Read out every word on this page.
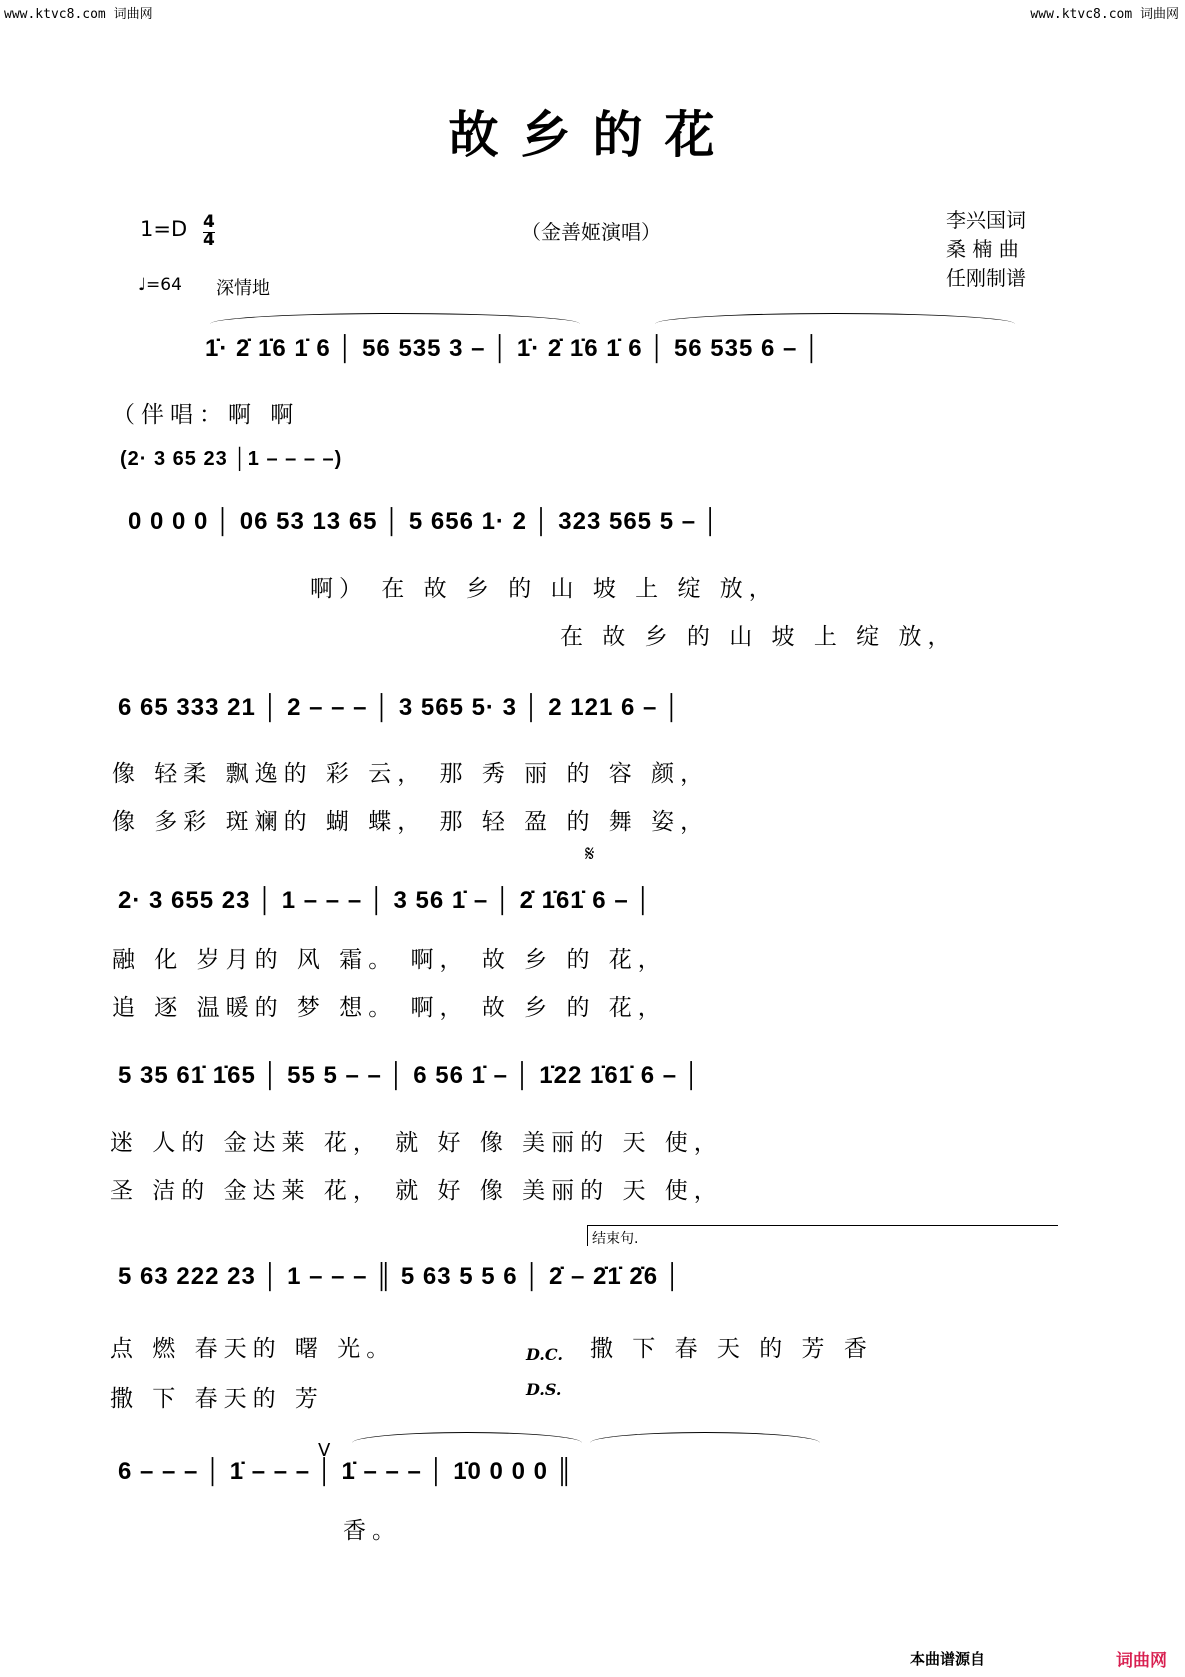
www.ktvc8.com 词曲网	www.ktvc8.com 词曲网
故乡的花
1=D 4
4
♩=64 深情地
（金善姬演唱）	李兴国词
桑 楠 曲
任刚制谱
1̇· 2̇ 1̇6 1̇ 6 │ 56 535 3 – │ 1̇· 2̇ 1̇6 1̇ 6 │ 56 535 6 – │
（伴唱：啊 啊
(2· 3 65 23 │1 – – – –)
0 0 0 0 │ 06 53 13 65 │ 5 656 1· 2 │ 323 565 5 – │
啊） 在 故 乡 的 山 坡 上 绽 放，
在 故 乡 的 山 坡 上 绽 放，
6 65 333 21 │ 2 – – – │ 3 565 5· 3 │ 2 121 6 – │
像 轻柔 飘逸的 彩 云， 那 秀 丽 的 容 颜，
像 多彩 斑斓的 蝴 蝶， 那 轻 盈 的 舞 姿，
𝄋
2· 3 655 23 │ 1 – – – │ 3 56 1̇ – │ 2̇ 1̇61̇ 6 – │
融 化 岁月的 风 霜。 啊， 故 乡 的 花，
追 逐 温暖的 梦 想。 啊， 故 乡 的 花，
5 35 61̇ 1̇65 │ 55 5 – – │ 6 56 1̇ – │ 1̇22 1̇61̇ 6 – │
迷 人的 金达莱 花， 就 好 像 美丽的 天 使，
圣 洁的 金达莱 花， 就 好 像 美丽的 天 使，
结束句.
5 63 222 23 │ 1 – – – ║ 5 63 5 5 6 │ 2̇ – 2̇1̇ 2̇6 │
点 燃 春天的 曙 光。
撒 下 春天的 芳
D.C.
D.S.
撒 下 春 天 的 芳 香
V
6 – – – │ 1̇ – – – │ 1̇ – – – │ 1̇0 0 0 0 ║
香。
本曲谱源自	词曲网
